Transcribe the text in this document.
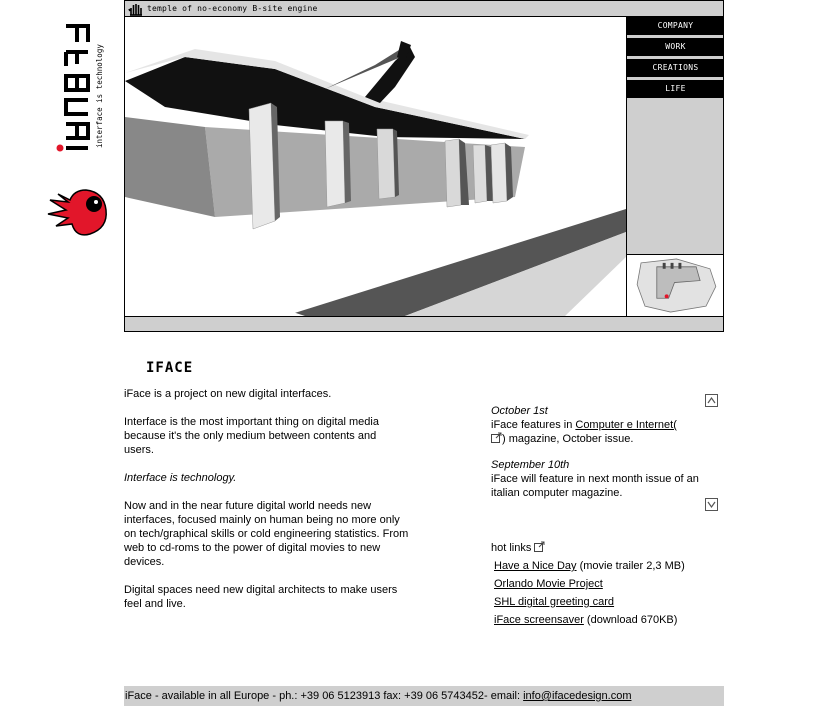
interface is technology
temple of no-economy B-site engine
COMPANY
WORK
CREATIONS
LIFE
IFACE

iFace is a project on new digital interfaces.

Interface is the most important thing on digital media because it's the only medium between contents and users.

Interface is technology.

Now and in the near future digital world needs new interfaces, focused mainly on human being no more only on tech/graphical skills or cold engineering statistics. From web to cd-roms to the power of digital movies to new devices.

Digital spaces need new digital architects to make users feel and live.

October 1st
iFace features in Computer e Internet(
) magazine, October issue.
September 10th
iFace will feature in next month issue of an italian computer magazine.
hot links
Have a Nice Day (movie trailer 2,3 MB)
Orlando Movie Project
SHL digital greeting card
iFace screensaver (download 670KB)
iFace - available in all Europe - ph.: +39 06 5123913 fax: +39 06 5743452- email: info@ifacedesign.com
